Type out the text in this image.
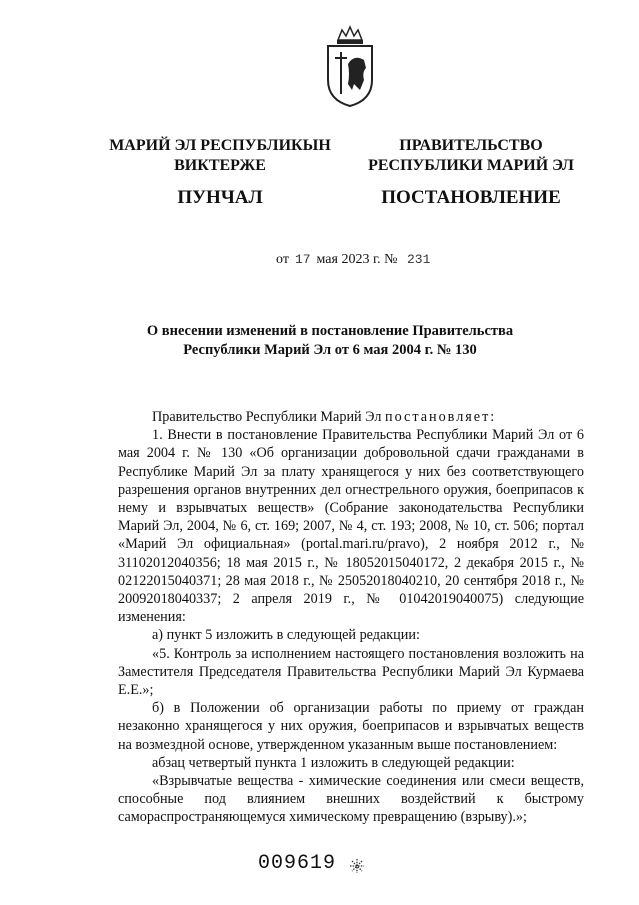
МАРИЙ ЭЛ РЕСПУБЛИКЫН
ВИКТЕРЖЕ
ПУНЧАЛ
ПРАВИТЕЛЬСТВО
РЕСПУБЛИКИ МАРИЙ ЭЛ
ПОСТАНОВЛЕНИЕ
от 17 мая 2023 г. № 231
О внесении изменений в постановление Правительства
Республики Марий Эл от 6 мая 2004 г. № 130

Правительство Республики Марий Эл постановляет:

1. Внести в постановление Правительства Республики Марий Эл от 6 мая 2004 г. № 130 «Об организации добровольной сдачи гражданами в Республике Марий Эл за плату хранящегося у них без соответствующего разрешения органов внутренних дел огнестрельного оружия, боеприпасов к нему и взрывчатых веществ» (Собрание законодательства Республики Марий Эл, 2004, № 6, ст. 169; 2007, № 4, ст. 193; 2008, № 10, ст. 506; портал «Марий Эл официальная» (portal.mari.ru/pravo), 2 ноября 2012 г., № 31102012040356; 18 мая 2015 г., № 18052015040172, 2 декабря 2015 г., № 02122015040371; 28 мая 2018 г., № 25052018040210, 20 сентября 2018 г., № 20092018040337; 2 апреля 2019 г., № 01042019040075) следующие изменения:

а) пункт 5 изложить в следующей редакции:

«5. Контроль за исполнением настоящего постановления возложить на Заместителя Председателя Правительства Республики Марий Эл Курмаева Е.Е.»;

б) в Положении об организации работы по приему от граждан незаконно хранящегося у них оружия, боеприпасов и взрывчатых веществ на возмездной основе, утвержденном указанным выше постановлением:

абзац четвертый пункта 1 изложить в следующей редакции:

«Взрывчатые вещества - химические соединения или смеси веществ, способные под влиянием внешних воздействий к быстрому самораспространяющемуся химическому превращению (взрыву).»;

009619
